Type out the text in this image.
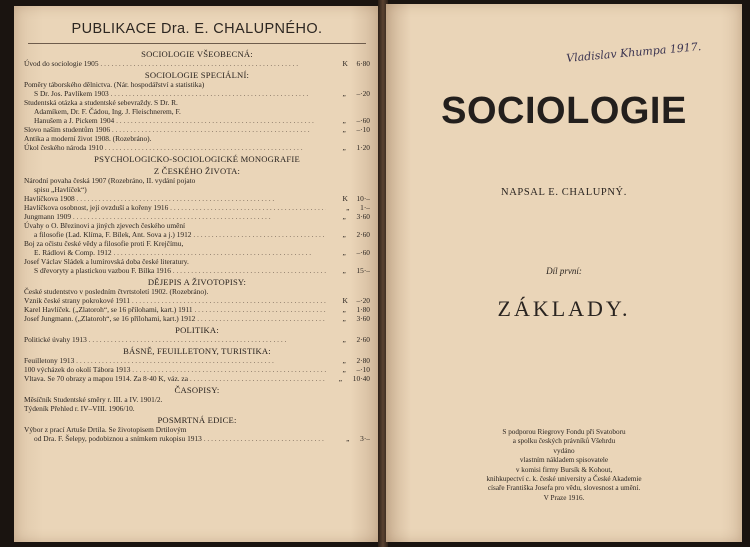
PUBLIKACE Dra. E. CHALUPNÉHO.
SOCIOLOGIE VŠEOBECNÁ:
Úvod do sociologie 1905 . . .	K 6·80
SOCIOLOGIE SPECIÁLNÍ:
Poměry táborského dělnictva. (Nár. hospodářství a statistika)
S Dr. Jos. Pavlíkem 1903 . . .	„ –·20
Studentská otázka a studentské sebevraždy. S Dr. R.
Adamíkem, Dr. F. Čádou, Ing. J. Fleischnerem, F.
Hanušem a J. Pickem 1904 . . .	„ –·60
Slovo našim studentům 1906 . . .	„ –·10
Antika a moderní život 1908. (Rozebráno).
Úkol českého národa 1910 . . .	„ 1·20
PSYCHOLOGICKO-SOCIOLOGICKÉ MONOGRAFIE
Z ČESKÉHO ŽIVOTA:
Národní povaha česká 1907 (Rozebráno, II. vydání pojato
spisu „Havlíček“)
Havlíčkova 1908 . . .	K 10·–
Havlíčkova osobnost, její ovzduší a kořeny 1916 . . .	„ 1·–
Jungmann 1909 . . .	„ 3·60
Úvahy o O. Březinovi a jiných zjevech českého umění
a filosofie (Lad. Klíma, F. Bílek, Ant. Sova a j.) 1912 . . .	„ 2·60
Boj za očistu české vědy a filosofie proti F. Krejčímu,
E. Rádlovi & Comp. 1912 . . .	„ –·60
Josef Václav Sládek a lumírovská doba české literatury.
S dřevoryty a plastickou vazbou F. Bílka 1916 . . .	„ 15·–
DĚJEPIS A ŽIVOTOPISY:
České studentstvo v posledním čtvrtstoletí 1902. (Rozebráno).
Vznik české strany pokrokové 1911 . . .	K –·20
Karel Havlíček. („Zlatoroh“, se 16 přílohami, kart.) 1911 . . .	„ 1·80
Josef Jungmann. („Zlatoroh“, se 16 přílohami, kart.) 1912 . . .	„ 3·60
POLITIKA:
Politické úvahy 1913 . . .	„ 2·60
BÁSNĚ, FEUILLETONY, TURISTIKA:
Feuilletony 1913 . . .	„ 2·80
100 výcházek do okolí Tábora 1913 . . .	„ –·10
Vltava. Se 70 obrazy a mapou 1914. Za 8·40 K, váz. za . . .	„ 10·40
ČASOPISY:
Měsíčník Studentské směry r. III. a IV. 1901/2.
Týdeník Přehled r. IV–VIII. 1906/10.
POSMRTNÁ EDICE:
Výbor z prací Artuše Drtila. Se životopisem Drtilovým
od Dra. F. Šelepy, podobiznou a snímkem rukopisu 1913 . . .	„ 3·–
Vladislav Khumpa 1917.
SOCIOLOGIE
NAPSAL E. CHALUPNÝ.
Díl první:
ZÁKLADY.
S podporou Riegrovy Fondu při Svatoboru
a spolku českých právníků Všehrdu
vydáno
vlastním nákladem spisovatele
v komisi firmy Bursík & Kohout,
knihkupectví c. k. české university a České Akademie
císaře Františka Josefa pro vědu, slovesnost a umění.
V Praze 1916.
